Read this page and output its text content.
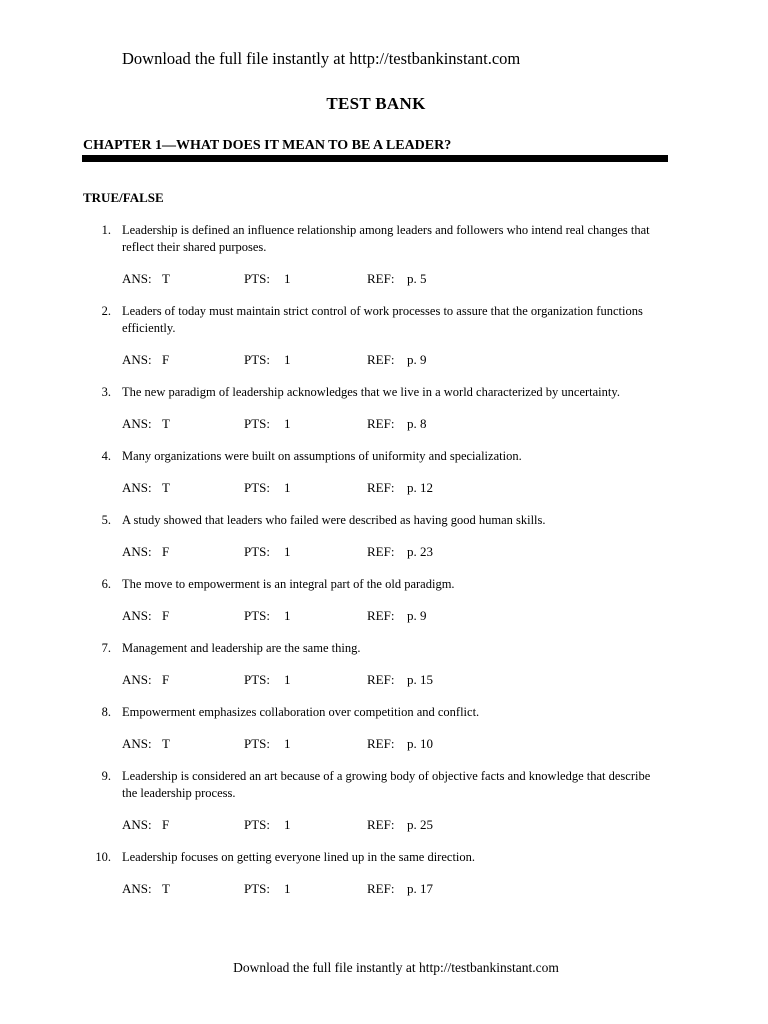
Download the full file instantly at http://testbankinstant.com
TEST BANK
CHAPTER 1—WHAT DOES IT MEAN TO BE A LEADER?
TRUE/FALSE
1. Leadership is defined an influence relationship among leaders and followers who intend real changes that reflect their shared purposes.
ANS: T	PTS: 1	REF: p. 5
2. Leaders of today must maintain strict control of work processes to assure that the organization functions efficiently.
ANS: F	PTS: 1	REF: p. 9
3. The new paradigm of leadership acknowledges that we live in a world characterized by uncertainty.
ANS: T	PTS: 1	REF: p. 8
4. Many organizations were built on assumptions of uniformity and specialization.
ANS: T	PTS: 1	REF: p. 12
5. A study showed that leaders who failed were described as having good human skills.
ANS: F	PTS: 1	REF: p. 23
6. The move to empowerment is an integral part of the old paradigm.
ANS: F	PTS: 1	REF: p. 9
7. Management and leadership are the same thing.
ANS: F	PTS: 1	REF: p. 15
8. Empowerment emphasizes collaboration over competition and conflict.
ANS: T	PTS: 1	REF: p. 10
9. Leadership is considered an art because of a growing body of objective facts and knowledge that describe the leadership process.
ANS: F	PTS: 1	REF: p. 25
10. Leadership focuses on getting everyone lined up in the same direction.
ANS: T	PTS: 1	REF: p. 17
Download the full file instantly at http://testbankinstant.com
